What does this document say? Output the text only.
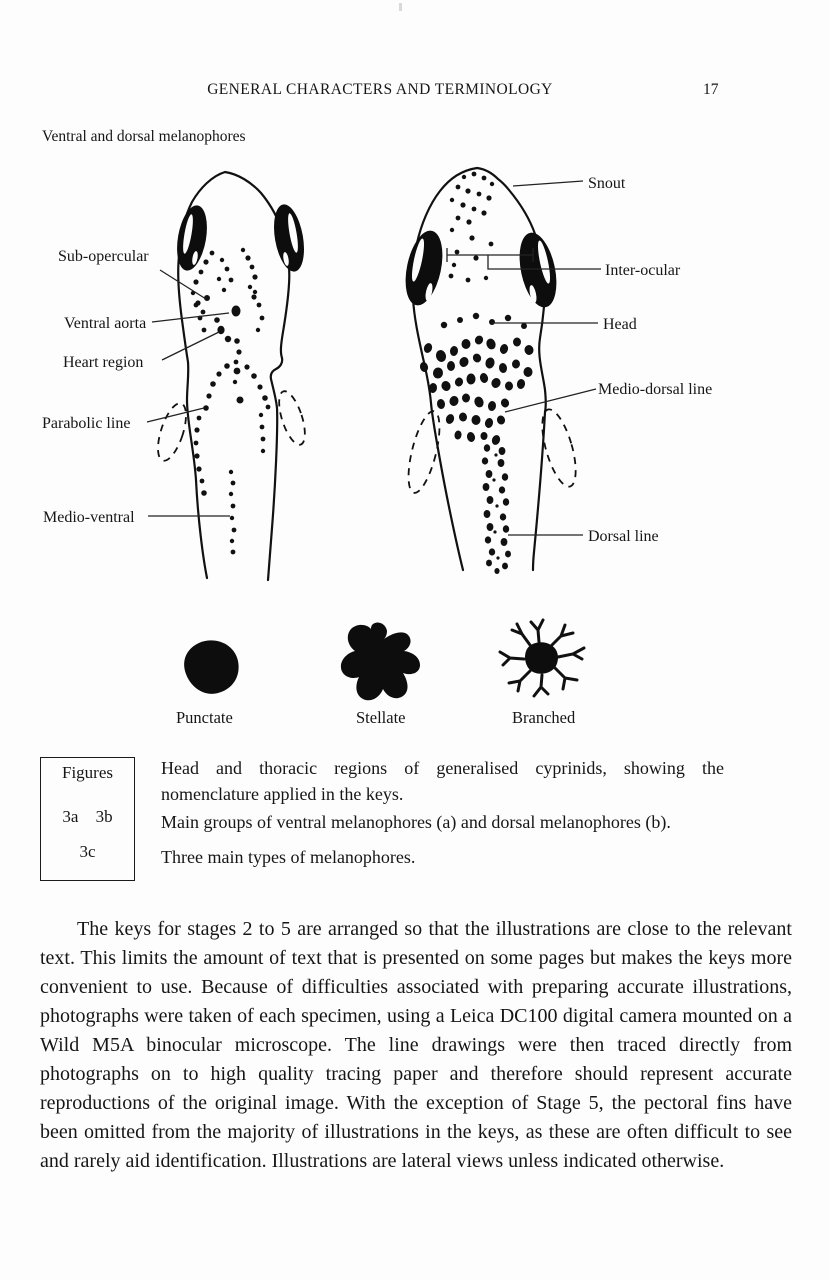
GENERAL CHARACTERS AND TERMINOLOGY	17
Ventral and dorsal melanophores
Sub-opercular
Ventral aorta
Heart region
Parabolic line
Medio-ventral
Snout
Inter-ocular
Head
Medio-dorsal line
Dorsal line
Punctate	Stellate	Branched
Figures
3a 3b
3c

Head and thoracic regions of generalised cyprinids, showing the nomenclature applied in the keys.

Main groups of ventral melanophores (a) and dorsal melanophores (b).

Three main types of melanophores.

The keys for stages 2 to 5 are arranged so that the illustrations are close to the relevant text. This limits the amount of text that is presented on some pages but makes the keys more convenient to use. Because of difficulties associated with preparing accurate illustrations, photographs were taken of each specimen, using a Leica DC100 digital camera mounted on a Wild M5A binocular microscope. The line drawings were then traced directly from photographs on to high quality tracing paper and therefore should represent accurate reproductions of the original image. With the exception of Stage 5, the pectoral fins have been omitted from the majority of illustrations in the keys, as these are often difficult to see and rarely aid identification. Illustrations are lateral views unless indicated otherwise.
